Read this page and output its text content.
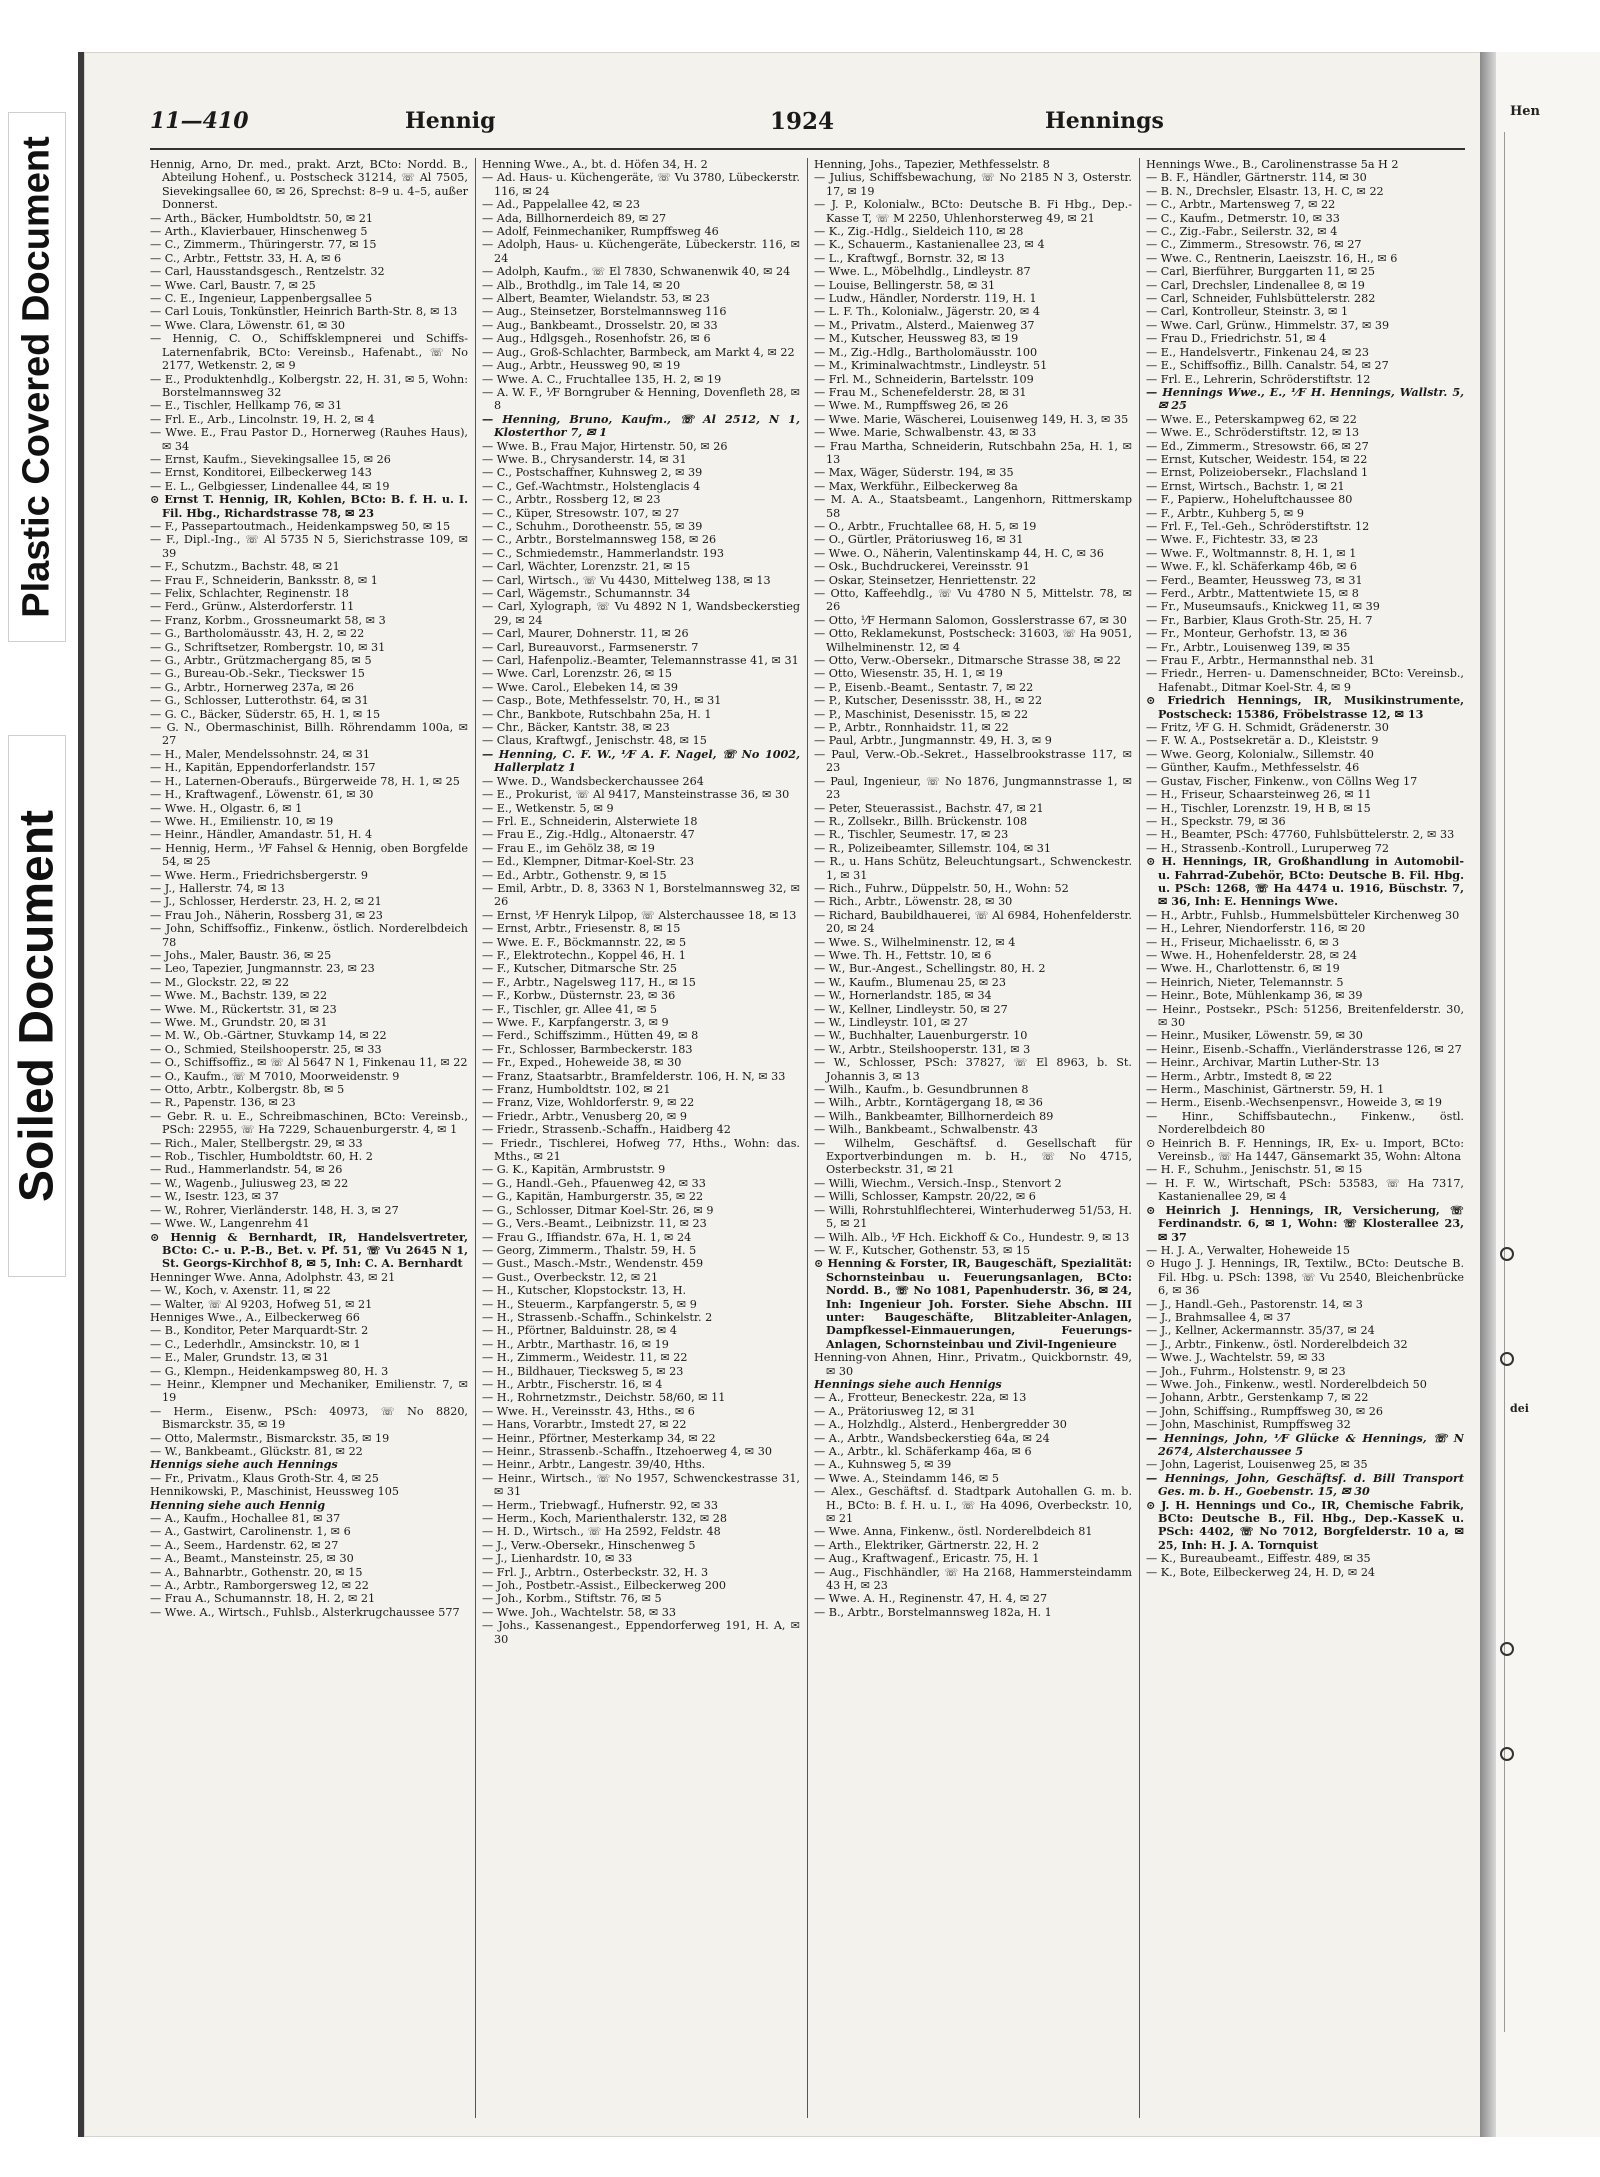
Plastic Covered Document
Soiled Document
Hen
dei
11—410	Hennig	1924	Hennings

Hennig, Arno, Dr. med., prakt. Arzt, BCto: Nordd. B., Abteilung Hohenf., u. Postscheck 31214, ☏ Al 7505, Sievekingsallee 60, ✉ 26, Sprechst: 8–9 u. 4–5, außer Donnerst.

— Arth., Bäcker, Humboldtstr. 50, ✉ 21

— Arth., Klavierbauer, Hinschenweg 5

— C., Zimmerm., Thüringerstr. 77, ✉ 15

— C., Arbtr., Fettstr. 33, H. A, ✉ 6

— Carl, Hausstandsgesch., Rentzelstr. 32

— Wwe. Carl, Baustr. 7, ✉ 25

— C. E., Ingenieur, Lappenbergsallee 5

— Carl Louis, Tonkünstler, Heinrich Barth-Str. 8, ✉ 13

— Wwe. Clara, Löwenstr. 61, ✉ 30

— Hennig, C. O., Schiffsklempnerei und Schiffs-Laternenfabrik, BCto: Vereinsb., Hafenabt., ☏ No 2177, Wetkenstr. 2, ✉ 9

— E., Produktenhdlg., Kolbergstr. 22, H. 31, ✉ 5, Wohn: Borstelmannsweg 32

— E., Tischler, Hellkamp 76, ✉ 31

— Frl. E., Arb., Lincolnstr. 19, H. 2, ✉ 4

— Wwe. E., Frau Pastor D., Hornerweg (Rauhes Haus), ✉ 34

— Ernst, Kaufm., Sievekingsallee 15, ✉ 26

— Ernst, Konditorei, Eilbeckerweg 143

— E. L., Gelbgiesser, Lindenallee 44, ✉ 19

⊙ Ernst T. Hennig, IR, Kohlen, BCto: B. f. H. u. I. Fil. Hbg., Richardstrasse 78, ✉ 23

— F., Passepartoutmach., Heidenkampsweg 50, ✉ 15

— F., Dipl.-Ing., ☏ Al 5735 N 5, Sierichstrasse 109, ✉ 39

— F., Schutzm., Bachstr. 48, ✉ 21

— Frau F., Schneiderin, Banksstr. 8, ✉ 1

— Felix, Schlachter, Reginenstr. 18

— Ferd., Grünw., Alsterdorferstr. 11

— Franz, Korbm., Grossneumarkt 58, ✉ 3

— G., Bartholomäusstr. 43, H. 2, ✉ 22

— G., Schriftsetzer, Rombergstr. 10, ✉ 31

— G., Arbtr., Grützmachergang 85, ✉ 5

— G., Bureau-Ob.-Sekr., Tieckswег 15

— G., Arbtr., Hornerweg 237a, ✉ 26

— G., Schlosser, Lutterothstr. 64, ✉ 31

— G. C., Bäcker, Süderstr. 65, H. 1, ✉ 15

— G. N., Obermaschinist, Billh. Röhrendamm 100a, ✉ 27

— H., Maler, Mendelssohnstr. 24, ✉ 31

— H., Kapitän, Eppendorferlandstr. 157

— H., Laternen-Oberaufs., Bürgerweide 78, H. 1, ✉ 25

— H., Kraftwagenf., Löwenstr. 61, ✉ 30

— Wwe. H., Olgastr. 6, ✉ 1

— Wwe. H., Emilienstr. 10, ✉ 19

— Heinr., Händler, Amandastr. 51, H. 4

— Hennig, Herm., ⅟F Fahsel & Hennig, oben Borgfelde 54, ✉ 25

— Wwe. Herm., Friedrichsbergerstr. 9

— J., Hallerstr. 74, ✉ 13

— J., Schlosser, Herderstr. 23, H. 2, ✉ 21

— Frau Joh., Näherin, Rossberg 31, ✉ 23

— John, Schiffsoffiz., Finkenw., östlich. Norderelbdeich 78

— Johs., Maler, Baustr. 36, ✉ 25

— Leo, Tapezier, Jungmannstr. 23, ✉ 23

— M., Glockstr. 22, ✉ 22

— Wwe. M., Bachstr. 139, ✉ 22

— Wwe. M., Rückertstr. 31, ✉ 23

— Wwe. M., Grundstr. 20, ✉ 31

— M. W., Ob.-Gärtner, Stuvkamp 14, ✉ 22

— O., Schmied, Steilshooperstr. 25, ✉ 33

— O., Schiffsoffiz., ✉ ☏ Al 5647 N 1, Finkenau 11, ✉ 22

— O., Kaufm., ☏ M 7010, Moorweidenstr. 9

— Otto, Arbtr., Kolbergstr. 8b, ✉ 5

— R., Papenstr. 136, ✉ 23

— Gebr. R. u. E., Schreibmaschinen, BCto: Vereinsb., PSch: 22955, ☏ Ha 7229, Schauenburgerstr. 4, ✉ 1

— Rich., Maler, Stellbergstr. 29, ✉ 33

— Rob., Tischler, Humboldtstr. 60, H. 2

— Rud., Hammerlandstr. 54, ✉ 26

— W., Wagenb., Juliusweg 23, ✉ 22

— W., Isestr. 123, ✉ 37

— W., Rohrer, Vierländerstr. 148, H. 3, ✉ 27

— Wwe. W., Langenrehm 41

⊙ Hennig & Bernhardt, IR, Handelsvertreter, BCto: C.- u. P.-B., Bet. v. Pf. 51, ☏ Vu 2645 N 1, St. Georgs-Kirchhof 8, ✉ 5, Inh: C. A. Bernhardt

Henninger Wwe. Anna, Adolphstr. 43, ✉ 21

— W., Koch, v. Axenstr. 11, ✉ 22

— Walter, ☏ Al 9203, Hofweg 51, ✉ 21

Henniges Wwe., A., Eilbeckerweg 66

— B., Konditor, Peter Marquardt-Str. 2

— C., Lederhdlr., Amsinckstr. 10, ✉ 1

— E., Maler, Grundstr. 13, ✉ 31

— G., Klempn., Heidenkampsweg 80, H. 3

— Heinr., Klempner und Mechaniker, Emilienstr. 7, ✉ 19

— Herm., Eisenw., PSch: 40973, ☏ No 8820, Bismarckstr. 35, ✉ 19

— Otto, Malermstr., Bismarckstr. 35, ✉ 19

— W., Bankbeamt., Glückstr. 81, ✉ 22

Hennigs siehe auch Hennings

— Fr., Privatm., Klaus Groth-Str. 4, ✉ 25

Hennikowski, P., Maschinist, Heussweg 105

Henning siehe auch Hennig

— A., Kaufm., Hochallee 81, ✉ 37

— A., Gastwirt, Carolinenstr. 1, ✉ 6

— A., Seem., Hardenstr. 62, ✉ 27

— A., Beamt., Mansteinstr. 25, ✉ 30

— A., Bahnarbtr., Gothenstr. 20, ✉ 15

— A., Arbtr., Ramborgersweg 12, ✉ 22

— Frau A., Schumannstr. 18, H. 2, ✉ 21

— Wwe. A., Wirtsch., Fuhlsb., Alsterkrugchaussee 577

Henning Wwe., A., bt. d. Höfen 34, H. 2

— Ad. Haus- u. Küchengeräte, ☏ Vu 3780, Lübeckerstr. 116, ✉ 24

— Ad., Pappelallee 42, ✉ 23

— Ada, Billhornerdeich 89, ✉ 27

— Adolf, Feinmechaniker, Rumpffsweg 46

— Adolph, Haus- u. Küchengeräte, Lübeckerstr. 116, ✉ 24

— Adolph, Kaufm., ☏ El 7830, Schwanenwik 40, ✉ 24

— Alb., Brothdlg., im Tale 14, ✉ 20

— Albert, Beamter, Wielandstr. 53, ✉ 23

— Aug., Steinsetzer, Borstelmannsweg 116

— Aug., Bankbeamt., Drosselstr. 20, ✉ 33

— Aug., Hdlgsgeh., Rosenhofstr. 26, ✉ 6

— Aug., Groß-Schlachter, Barmbeck, am Markt 4, ✉ 22

— Aug., Arbtr., Heussweg 90, ✉ 19

— Wwe. A. C., Fruchtallee 135, H. 2, ✉ 19

— A. W. F., ⅟F Borngruber & Henning, Dovenfleth 28, ✉ 8

— Henning, Bruno, Kaufm., ☏ Al 2512, N 1, Klosterthor 7, ✉ 1

— Wwe. B., Frau Major, Hirtenstr. 50, ✉ 26

— Wwe. B., Chrysanderstr. 14, ✉ 31

— C., Postschaffner, Kuhnsweg 2, ✉ 39

— C., Gef.-Wachtmstr., Holstenglacis 4

— C., Arbtr., Rossberg 12, ✉ 23

— C., Küper, Stresowstr. 107, ✉ 27

— C., Schuhm., Dorotheenstr. 55, ✉ 39

— C., Arbtr., Borstelmannsweg 158, ✉ 26

— C., Schmiedemstr., Hammerlandstr. 193

— Carl, Wächter, Lorenzstr. 21, ✉ 15

— Carl, Wirtsch., ☏ Vu 4430, Mittelweg 138, ✉ 13

— Carl, Wägemstr., Schumannstr. 34

— Carl, Xylograph, ☏ Vu 4892 N 1, Wandsbeckerstieg 29, ✉ 24

— Carl, Maurer, Dohnerstr. 11, ✉ 26

— Carl, Bureauvorst., Farmsenerstr. 7

— Carl, Hafenpoliz.-Beamter, Telemannstrasse 41, ✉ 31

— Wwe. Carl, Lorenzstr. 26, ✉ 15

— Wwe. Carol., Elebeken 14, ✉ 39

— Casp., Bote, Methfesselstr. 70, H., ✉ 31

— Chr., Bankbote, Rutschbahn 25a, H. 1

— Chr., Bäcker, Kantstr. 38, ✉ 23

— Claus, Kraftwgf., Jenischstr. 48, ✉ 15

— Henning, C. F. W., ⅟F A. F. Nagel, ☏ No 1002, Hallerplatz 1

— Wwe. D., Wandsbeckerchaussee 264

— E., Prokurist, ☏ Al 9417, Mansteinstrasse 36, ✉ 30

— E., Wetkenstr. 5, ✉ 9

— Frl. E., Schneiderin, Alsterwiete 18

— Frau E., Zig.-Hdlg., Altonaerstr. 47

— Frau E., im Gehölz 38, ✉ 19

— Ed., Klempner, Ditmar-Koel-Str. 23

— Ed., Arbtr., Gothenstr. 9, ✉ 15

— Emil, Arbtr., D. 8, 3363 N 1, Borstelmannsweg 32, ✉ 26

— Ernst, ⅟F Henryk Lilpop, ☏ Alsterchaussee 18, ✉ 13

— Ernst, Arbtr., Friesenstr. 8, ✉ 15

— Wwe. E. F., Böckmannstr. 22, ✉ 5

— F., Elektrotechn., Koppel 46, H. 1

— F., Kutscher, Ditmarsche Str. 25

— F., Arbtr., Nagelsweg 117, H., ✉ 15

— F., Korbw., Düsternstr. 23, ✉ 36

— F., Tischler, gr. Allee 41, ✉ 5

— Wwe. F., Karpfangerstr. 3, ✉ 9

— Ferd., Schiffszimm., Hütten 49, ✉ 8

— Fr., Schlosser, Barmbeckerstr. 183

— Fr., Exped., Hoheweide 38, ✉ 30

— Franz, Staatsarbtr., Bramfelderstr. 106, H. N, ✉ 33

— Franz, Humboldtstr. 102, ✉ 21

— Franz, Vize, Wohldorferstr. 9, ✉ 22

— Friedr., Arbtr., Venusberg 20, ✉ 9

— Friedr., Strassenb.-Schaffn., Haidberg 42

— Friedr., Tischlerei, Hofweg 77, Hths., Wohn: das. Mths., ✉ 21

— G. K., Kapitän, Armbruststr. 9

— G., Handl.-Geh., Pfauenweg 42, ✉ 33

— G., Kapitän, Hamburgerstr. 35, ✉ 22

— G., Schlosser, Ditmar Koel-Str. 26, ✉ 9

— G., Vers.-Beamt., Leibnizstr. 11, ✉ 23

— Frau G., Iffiandstr. 67a, H. 1, ✉ 24

— Georg, Zimmerm., Thalstr. 59, H. 5

— Gust., Masch.-Mstr., Wendenstr. 459

— Gust., Overbeckstr. 12, ✉ 21

— H., Kutscher, Klopstockstr. 13, H.

— H., Steuerm., Karpfangerstr. 5, ✉ 9

— H., Strassenb.-Schaffn., Schinkelstr. 2

— H., Pförtner, Balduinstr. 28, ✉ 4

— H., Arbtr., Marthastr. 16, ✉ 19

— H., Zimmerm., Weidestr. 11, ✉ 22

— H., Bildhauer, Tiecksweg 5, ✉ 23

— H., Arbtr., Fischerstr. 16, ✉ 4

— H., Rohrnetzmstr., Deichstr. 58/60, ✉ 11

— Wwe. H., Vereinsstr. 43, Hths., ✉ 6

— Hans, Vorarbtr., Imstedt 27, ✉ 22

— Heinr., Pförtner, Mesterkamp 34, ✉ 22

— Heinr., Strassenb.-Schaffn., Itzehoerweg 4, ✉ 30

— Heinr., Arbtr., Langestr. 39/40, Hths.

— Heinr., Wirtsch., ☏ No 1957, Schwenckestrasse 31, ✉ 31

— Herm., Triebwagf., Hufnerstr. 92, ✉ 33

— Herm., Koch, Marienthalerstr. 132, ✉ 28

— H. D., Wirtsch., ☏ Ha 2592, Feldstr. 48

— J., Verw.-Obersekr., Hinschenweg 5

— J., Lienhardstr. 10, ✉ 33

— Frl. J., Arbtrn., Osterbeckstr. 32, H. 3

— Joh., Postbetr.-Assist., Eilbeckerweg 200

— Joh., Korbm., Stiftstr. 76, ✉ 5

— Wwe. Joh., Wachtelstr. 58, ✉ 33

— Johs., Kassenangest., Eppendorferweg 191, H. A, ✉ 30

Henning, Johs., Tapezier, Methfesselstr. 8

— Julius, Schiffsbewachung, ☏ No 2185 N 3, Osterstr. 17, ✉ 19

— J. P., Kolonialw., BCto: Deutsche B. Fi Hbg., Dep.-Kasse T, ☏ M 2250, Uhlenhorsterweg 49, ✉ 21

— K., Zig.-Hdlg., Sieldeich 110, ✉ 28

— K., Schauerm., Kastanienallee 23, ✉ 4

— L., Kraftwgf., Bornstr. 32, ✉ 13

— Wwe. L., Möbelhdlg., Lindleystr. 87

— Louise, Bellingerstr. 58, ✉ 31

— Ludw., Händler, Norderstr. 119, H. 1

— L. F. Th., Kolonialw., Jägerstr. 20, ✉ 4

— M., Privatm., Alsterd., Maienweg 37

— M., Kutscher, Heussweg 83, ✉ 19

— M., Zig.-Hdlg., Bartholomäusstr. 100

— M., Kriminalwachtmstr., Lindleystr. 51

— Frl. M., Schneiderin, Bartelsstr. 109

— Frau M., Schenefelderstr. 28, ✉ 31

— Wwe. M., Rumpffsweg 26, ✉ 26

— Wwe. Marie, Wäscherei, Louisenweg 149, H. 3, ✉ 35

— Wwe. Marie, Schwalbenstr. 43, ✉ 33

— Frau Martha, Schneiderin, Rutschbahn 25a, H. 1, ✉ 13

— Max, Wäger, Süderstr. 194, ✉ 35

— Max, Werkführ., Eilbeckerweg 8a

— M. A. A., Staatsbeamt., Langenhorn, Rittmerskamp 58

— O., Arbtr., Fruchtallee 68, H. 5, ✉ 19

— O., Gürtler, Prätoriusweg 16, ✉ 31

— Wwe. O., Näherin, Valentinskamp 44, H. C, ✉ 36

— Osk., Buchdruckerei, Vereinsstr. 91

— Oskar, Steinsetzer, Henriettenstr. 22

— Otto, Kaffeehdlg., ☏ Vu 4780 N 5, Mittelstr. 78, ✉ 26

— Otto, ⅟F Hermann Salomon, Gosslerstrasse 67, ✉ 30

— Otto, Reklamekunst, Postscheck: 31603, ☏ Ha 9051, Wilhelminenstr. 12, ✉ 4

— Otto, Verw.-Obersekr., Ditmarsche Strasse 38, ✉ 22

— Otto, Wiesenstr. 35, H. 1, ✉ 19

— P., Eisenb.-Beamt., Sentastr. 7, ✉ 22

— P., Kutscher, Desenissstr. 38, H., ✉ 22

— P., Maschinist, Desenisstr. 15, ✉ 22

— P., Arbtr., Ronnhaidstr. 11, ✉ 22

— Paul, Arbtr., Jungmannstr. 49, H. 3, ✉ 9

— Paul, Verw.-Ob.-Sekret., Hasselbrookstrasse 117, ✉ 23

— Paul, Ingenieur, ☏ No 1876, Jungmannstrasse 1, ✉ 23

— Peter, Steuerassist., Bachstr. 47, ✉ 21

— R., Zollsekr., Billh. Brückenstr. 108

— R., Tischler, Seumestr. 17, ✉ 23

— R., Polizeibeamter, Sillemstr. 104, ✉ 31

— R., u. Hans Schütz, Beleuchtungsart., Schwenckestr. 1, ✉ 31

— Rich., Fuhrw., Düppelstr. 50, H., Wohn: 52

— Rich., Arbtr., Löwenstr. 28, ✉ 30

— Richard, Baubildhauerei, ☏ Al 6984, Hohenfelderstr. 20, ✉ 24

— Wwe. S., Wilhelminenstr. 12, ✉ 4

— Wwe. Th. H., Fettstr. 10, ✉ 6

— W., Bur.-Angest., Schellingstr. 80, H. 2

— W., Kaufm., Blumenau 25, ✉ 23

— W., Hornerlandstr. 185, ✉ 34

— W., Kellner, Lindleystr. 50, ✉ 27

— W., Lindleystr. 101, ✉ 27

— W., Buchhalter, Lauenburgerstr. 10

— W., Arbtr., Steilshooperstr. 131, ✉ 3

— W., Schlosser, PSch: 37827, ☏ El 8963, b. St. Johannis 3, ✉ 13

— Wilh., Kaufm., b. Gesundbrunnen 8

— Wilh., Arbtr., Korntägergang 18, ✉ 36

— Wilh., Bankbeamter, Billhornerdeich 89

— Wilh., Bankbeamt., Schwalbenstr. 43

— Wilhelm, Geschäftsf. d. Gesellschaft für Exportverbindungen m. b. H., ☏ No 4715, Osterbeckstr. 31, ✉ 21

— Willi, Wiechm., Versich.-Insp., Stenvort 2

— Willi, Schlosser, Kampstr. 20/22, ✉ 6

— Willi, Rohrstuhlflechterei, Winterhuderweg 51/53, H. 5, ✉ 21

— Wilh. Alb., ⅟F Hch. Eickhoff & Co., Hundestr. 9, ✉ 13

— W. F., Kutscher, Gothenstr. 53, ✉ 15

⊙ Henning & Forster, IR, Baugeschäft, Spezialität: Schornsteinbau u. Feuerungsanlagen, BCto: Nordd. B., ☏ No 1081, Papenhuderstr. 36, ✉ 24, Inh: Ingenieur Joh. Forster. Siehe Abschn. III unter: Baugeschäfte, Blitzableiter-Anlagen, Dampfkessel-Einmauerungen, Feuerungs-Anlagen, Schornsteinbau und Zivil-Ingenieure

Henning-von Ahnen, Hinr., Privatm., Quickbornstr. 49, ✉ 30

Hennings siehe auch Hennigs

— A., Frotteur, Beneckestr. 22a, ✉ 13

— A., Prätoriusweg 12, ✉ 31

— A., Holzhdlg., Alsterd., Henbergredder 30

— A., Arbtr., Wandsbeckerstieg 64a, ✉ 24

— A., Arbtr., kl. Schäferkamp 46a, ✉ 6

— A., Kuhnsweg 5, ✉ 39

— Wwe. A., Steindamm 146, ✉ 5

— Alex., Geschäftsf. d. Stadtpark Autohallen G. m. b. H., BCto: B. f. H. u. I., ☏ Ha 4096, Overbeckstr. 10, ✉ 21

— Wwe. Anna, Finkenw., östl. Norderelbdeich 81

— Arth., Elektriker, Gärtnerstr. 22, H. 2

— Aug., Kraftwagenf., Ericastr. 75, H. 1

— Aug., Fischhändler, ☏ Ha 2168, Hammersteindamm 43 H, ✉ 23

— Wwe. A. H., Reginenstr. 47, H. 4, ✉ 27

— B., Arbtr., Borstelmannsweg 182a, H. 1

Hennings Wwe., B., Carolinenstrasse 5a H 2

— B. F., Händler, Gärtnerstr. 114, ✉ 30

— B. N., Drechsler, Elsastr. 13, H. C, ✉ 22

— C., Arbtr., Martensweg 7, ✉ 22

— C., Kaufm., Detmerstr. 10, ✉ 33

— C., Zig.-Fabr., Seilerstr. 32, ✉ 4

— C., Zimmerm., Stresowstr. 76, ✉ 27

— Wwe. C., Rentnerin, Laeiszstr. 16, H., ✉ 6

— Carl, Bierführer, Burggarten 11, ✉ 25

— Carl, Drechsler, Lindenallee 8, ✉ 19

— Carl, Schneider, Fuhlsbüttelerstr. 282

— Carl, Kontrolleur, Steinstr. 3, ✉ 1

— Wwe. Carl, Grünw., Himmelstr. 37, ✉ 39

— Frau D., Friedrichstr. 51, ✉ 4

— E., Handelsvertr., Finkenau 24, ✉ 23

— E., Schiffsoffiz., Billh. Canalstr. 54, ✉ 27

— Frl. E., Lehrerin, Schröderstiftstr. 12

— Hennings Wwe., E., ⅟F H. Hennings, Wallstr. 5, ✉ 25

— Wwe. E., Peterskampweg 62, ✉ 22

— Wwe. E., Schröderstiftstr. 12, ✉ 13

— Ed., Zimmerm., Stresowstr. 66, ✉ 27

— Ernst, Kutscher, Weidestr. 154, ✉ 22

— Ernst, Polizeiobersekr., Flachsland 1

— Ernst, Wirtsch., Bachstr. 1, ✉ 21

— F., Papierw., Hoheluftchaussee 80

— F., Arbtr., Kuhberg 5, ✉ 9

— Frl. F., Tel.-Geh., Schröderstiftstr. 12

— Wwe. F., Fichtestr. 33, ✉ 23

— Wwe. F., Woltmannstr. 8, H. 1, ✉ 1

— Wwe. F., kl. Schäferkamp 46b, ✉ 6

— Ferd., Beamter, Heussweg 73, ✉ 31

— Ferd., Arbtr., Mattentwiete 15, ✉ 8

— Fr., Museumsaufs., Knickweg 11, ✉ 39

— Fr., Barbier, Klaus Groth-Str. 25, H. 7

— Fr., Monteur, Gerhofstr. 13, ✉ 36

— Fr., Arbtr., Louisenweg 139, ✉ 35

— Frau F., Arbtr., Hermannsthal neb. 31

— Friedr., Herren- u. Damenschneider, BCto: Vereinsb., Hafenabt., Ditmar Koel-Str. 4, ✉ 9

⊙ Friedrich Hennings, IR, Musikinstrumente, Postscheck: 15386, Fröbelstrasse 12, ✉ 13

— Fritz, ⅟F G. H. Schmidt, Grädenerstr. 30

— F. W. A., Postsekretär a. D., Kleiststr. 9

— Wwe. Georg, Kolonialw., Sillemstr. 40

— Günther, Kaufm., Methfesselstr. 46

— Gustav, Fischer, Finkenw., von Cöllns Weg 17

— H., Friseur, Schaarsteinweg 26, ✉ 11

— H., Tischler, Lorenzstr. 19, H B, ✉ 15

— H., Speckstr. 79, ✉ 36

— H., Beamter, PSch: 47760, Fuhlsbüttelerstr. 2, ✉ 33

— H., Strassenb.-Kontroll., Luruperweg 72

⊙ H. Hennings, IR, Großhandlung in Automobil- u. Fahrrad-Zubehör, BCto: Deutsche B. Fil. Hbg. u. PSch: 1268, ☏ Ha 4474 u. 1916, Büschstr. 7, ✉ 36, Inh: E. Hennings Wwe.

— H., Arbtr., Fuhlsb., Hummelsbütteler Kirchenweg 30

— H., Lehrer, Niendorferstr. 116, ✉ 20

— H., Friseur, Michaelisstr. 6, ✉ 3

— Wwe. H., Hohenfelderstr. 28, ✉ 24

— Wwe. H., Charlottenstr. 6, ✉ 19

— Heinrich, Nieter, Telemannstr. 5

— Heinr., Bote, Mühlenkamp 36, ✉ 39

— Heinr., Postsekr., PSch: 51256, Breitenfelderstr. 30, ✉ 30

— Heinr., Musiker, Löwenstr. 59, ✉ 30

— Heinr., Eisenb.-Schaffn., Vierländerstrasse 126, ✉ 27

— Heinr., Archivar, Martin Luther-Str. 13

— Herm., Arbtr., Imstedt 8, ✉ 22

— Herm., Maschinist, Gärtnerstr. 59, H. 1

— Herm., Eisenb.-Wechsenpensvr., Howeide 3, ✉ 19

— Hinr., Schiffsbautechn., Finkenw., östl. Norderelbdeich 80

⊙ Heinrich B. F. Hennings, IR, Ex- u. Import, BCto: Vereinsb., ☏ Ha 1447, Gänsemarkt 35, Wohn: Altona

— H. F., Schuhm., Jenischstr. 51, ✉ 15

— H. F. W., Wirtschaft, PSch: 53583, ☏ Ha 7317, Kastanienallee 29, ✉ 4

⊙ Heinrich J. Hennings, IR, Versicherung, ☏ Ferdinandstr. 6, ✉ 1, Wohn: ☏ Klosterallee 23, ✉ 37

— H. J. A., Verwalter, Hoheweide 15

⊙ Hugo J. J. Hennings, IR, Textilw., BCto: Deutsche B. Fil. Hbg. u. PSch: 1398, ☏ Vu 2540, Bleichenbrücke 6, ✉ 36

— J., Handl.-Geh., Pastorenstr. 14, ✉ 3

— J., Brahmsallee 4, ✉ 37

— J., Kellner, Ackermannstr. 35/37, ✉ 24

— J., Arbtr., Finkenw., östl. Norderelbdeich 32

— Wwe. J., Wachtelstr. 59, ✉ 33

— Joh., Fuhrm., Holstenstr. 9, ✉ 23

— Wwe. Joh., Finkenw., westl. Norderelbdeich 50

— Johann, Arbtr., Gerstenkamp 7, ✉ 22

— John, Schiffsing., Rumpffsweg 30, ✉ 26

— John, Maschinist, Rumpffsweg 32

— Hennings, John, ⅟F Glücke & Hennings, ☏ N 2674, Alsterchaussee 5

— John, Lagerist, Louisenweg 25, ✉ 35

— Hennings, John, Geschäftsf. d. Bill Transport Ges. m. b. H., Goebenstr. 15, ✉ 30

⊙ J. H. Hennings und Co., IR, Chemische Fabrik, BCto: Deutsche B., Fil. Hbg., Dep.-KasseK u. PSch: 4402, ☏ No 7012, Borgfelderstr. 10 a, ✉ 25, Inh: H. J. A. Tornquist

— K., Bureaubeamt., Eiffestr. 489, ✉ 35

— K., Bote, Eilbeckerweg 24, H. D, ✉ 24
